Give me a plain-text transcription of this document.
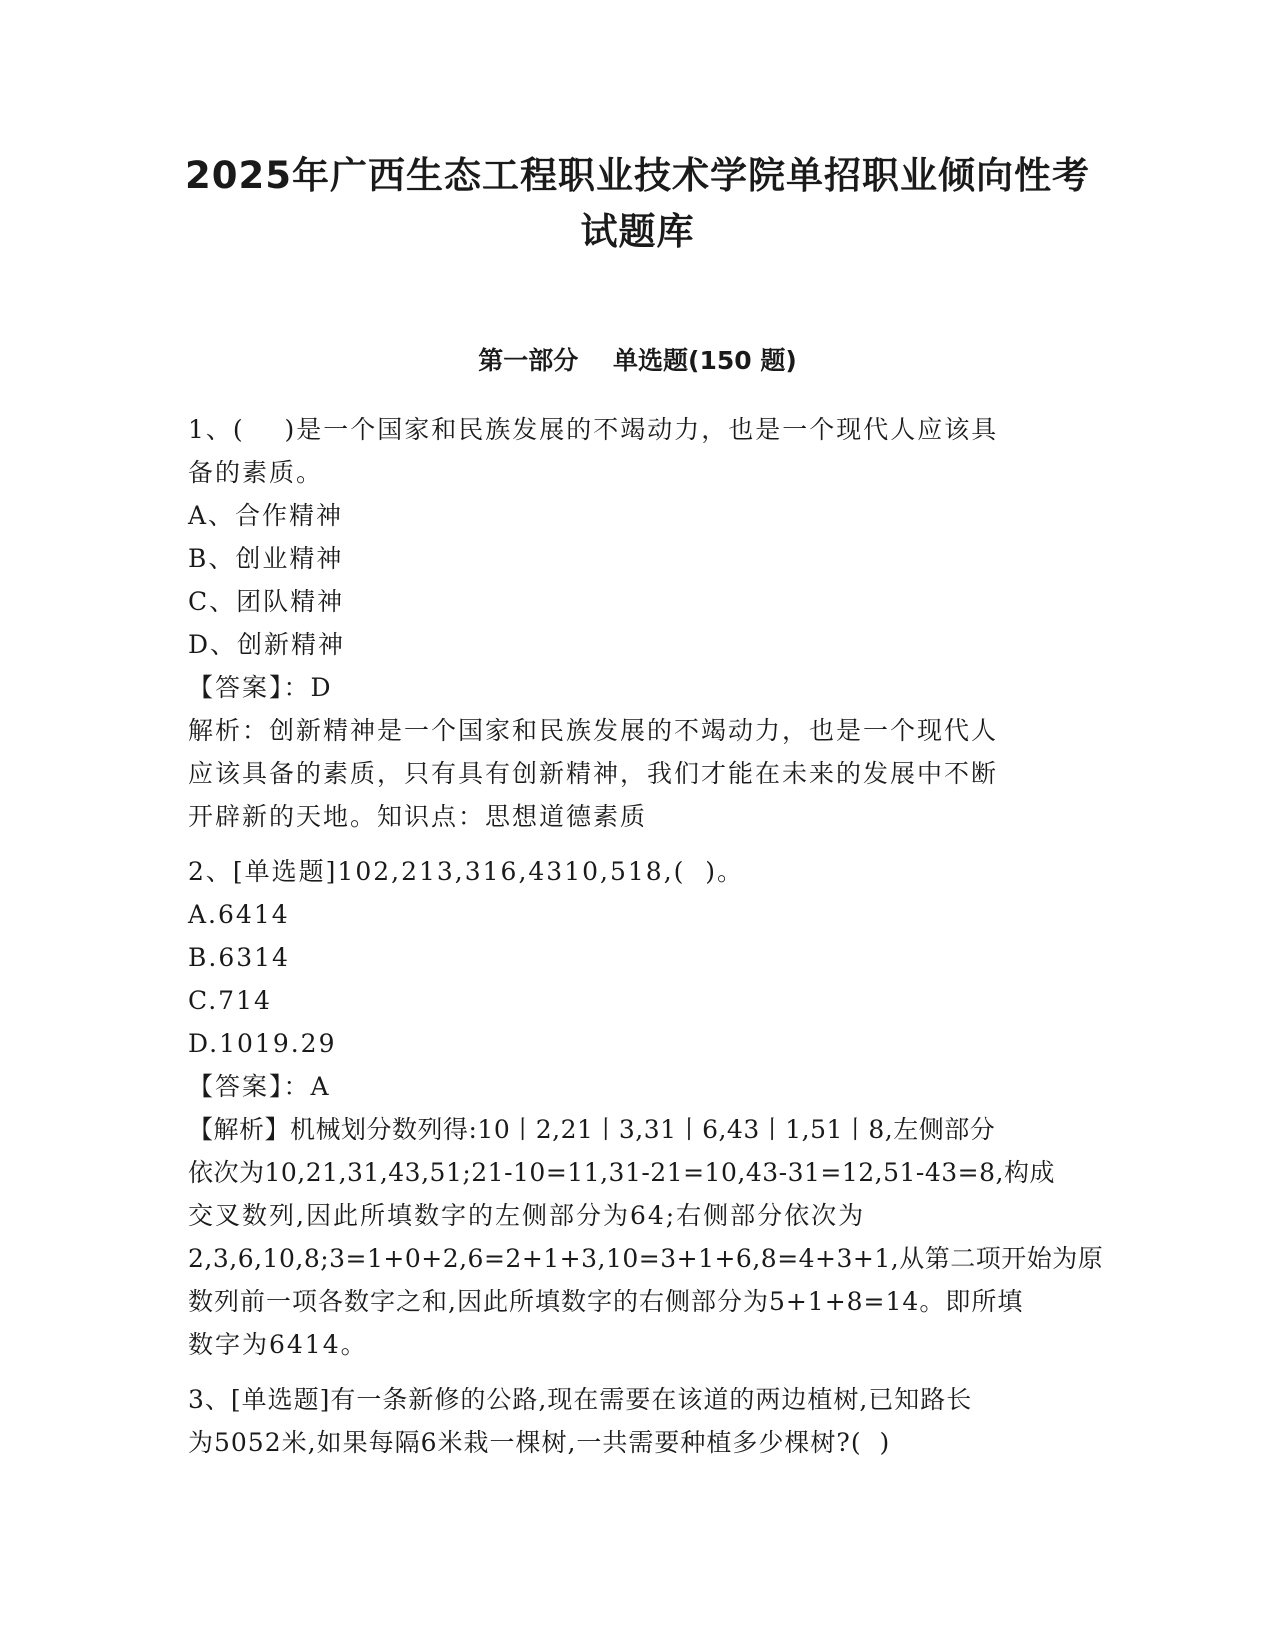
2025年广西生态工程职业技术学院单招职业倾向性考
试题库
第一部分    单选题(150 题)
1、(    )是一个国家和民族发展的不竭动力，也是一个现代人应该具
备的素质。
A、合作精神
B、创业精神
C、团队精神
D、创新精神
【答案】：D
解析：创新精神是一个国家和民族发展的不竭动力，也是一个现代人
应该具备的素质，只有具有创新精神，我们才能在未来的发展中不断
开辟新的天地。知识点：思想道德素质
2、[单选题]102,213,316,4310,518,(  )。
A.6414
B.6314
C.714
D.1019.29
【答案】：A
【解析】机械划分数列得:10丨2,21丨3,31丨6,43丨1,51丨8,左侧部分
依次为10,21,31,43,51;21-10=11,31-21=10,43-31=12,51-43=8,构成
交叉数列,因此所填数字的左侧部分为64;右侧部分依次为
2,3,6,10,8;3=1+0+2,6=2+1+3,10=3+1+6,8=4+3+1,从第二项开始为原
数列前一项各数字之和,因此所填数字的右侧部分为5+1+8=14。即所填
数字为6414。
3、[单选题]有一条新修的公路,现在需要在该道的两边植树,已知路长
为5052米,如果每隔6米栽一棵树,一共需要种植多少棵树?(  )
